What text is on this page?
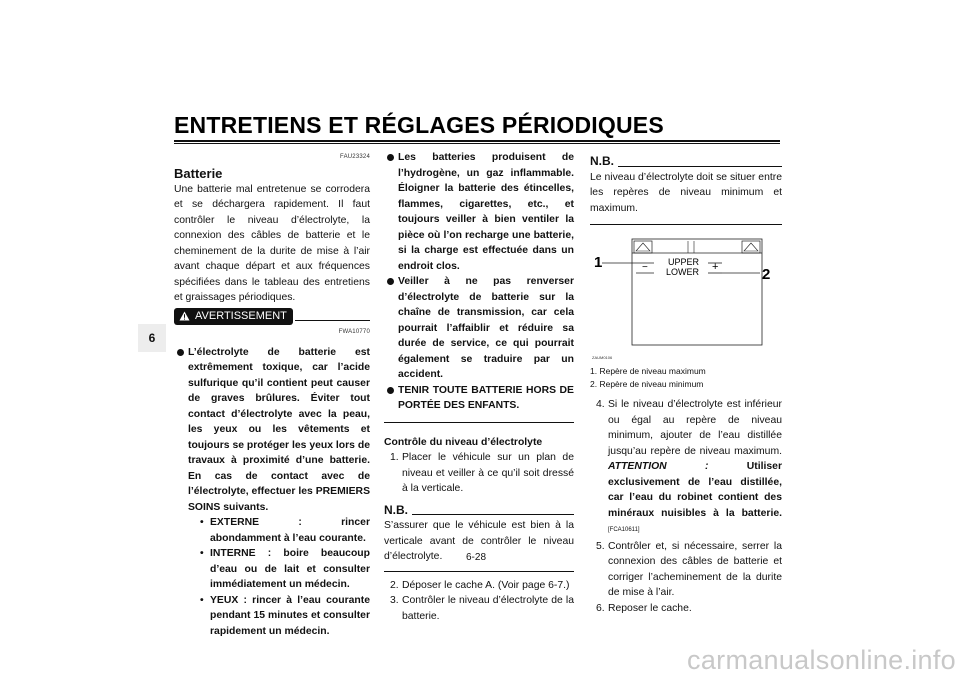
ENTRETIENS ET RÉGLAGES PÉRIODIQUES
6
FAU23324
Batterie

Une batterie mal entretenue se corrodera et se déchargera rapidement. Il faut contrôler le niveau d’électrolyte, la connexion des câbles de batterie et le cheminement de la durite de mise à l’air avant chaque départ et aux fréquences spécifiées dans le tableau des entretiens et graissages périodiques.

AVERTISSEMENT
FWA10770
L’électrolyte de batterie est extrêmement toxique, car l’acide sulfurique qu’il contient peut causer de graves brûlures. Éviter tout contact d’électrolyte avec la peau, les yeux ou les vêtements et toujours se protéger les yeux lors de travaux à proximité d’une batterie. En cas de contact avec de l’électrolyte, effectuer les PREMIERS SOINS suivants.
• EXTERNE : rincer abondamment à l’eau courante.
• INTERNE : boire beaucoup d’eau ou de lait et consulter immédiatement un médecin.
• YEUX : rincer à l’eau courante pendant 15 minutes et consulter rapidement un médecin.
Les batteries produisent de l’hydrogène, un gaz inflammable. Éloigner la batterie des étincelles, flammes, cigarettes, etc., et toujours veiller à bien ventiler la pièce où l’on recharge une batterie, si la charge est effectuée dans un endroit clos.
Veiller à ne pas renverser d’électrolyte de batterie sur la chaîne de transmission, car cela pourrait l’affaiblir et réduire sa durée de service, ce qui pourrait également se traduire par un accident.
TENIR TOUTE BATTERIE HORS DE PORTÉE DES ENFANTS.
Contrôle du niveau d’électrolyte
1. Placer le véhicule sur un plan de niveau et veiller à ce qu’il soit dressé à la verticale.
N.B.

S’assurer que le véhicule est bien à la verticale avant de contrôler le niveau d’électrolyte.

2. Déposer le cache A. (Voir page 6-7.)
3. Contrôler le niveau d’électrolyte de la batterie.
N.B.

Le niveau d’électrolyte doit se situer entre les repères de niveau minimum et maximum.

1
2
UPPER
LOWER
−	+
ZAUM0106
1. Repère de niveau maximum
2. Repère de niveau minimum
4. Si le niveau d’électrolyte est inférieur ou égal au repère de niveau minimum, ajouter de l’eau distillée jusqu’au repère de niveau maximum. ATTENTION :	Utiliser exclusivement de l’eau distillée, car l’eau du robinet contient des minéraux nuisibles à la batterie. [FCA10611]
5. Contrôler et, si nécessaire, serrer la connexion des câbles de batterie et corriger l’acheminement de la durite de mise à l’air.
6. Reposer le cache.
6-28
carmanualsonline.info
